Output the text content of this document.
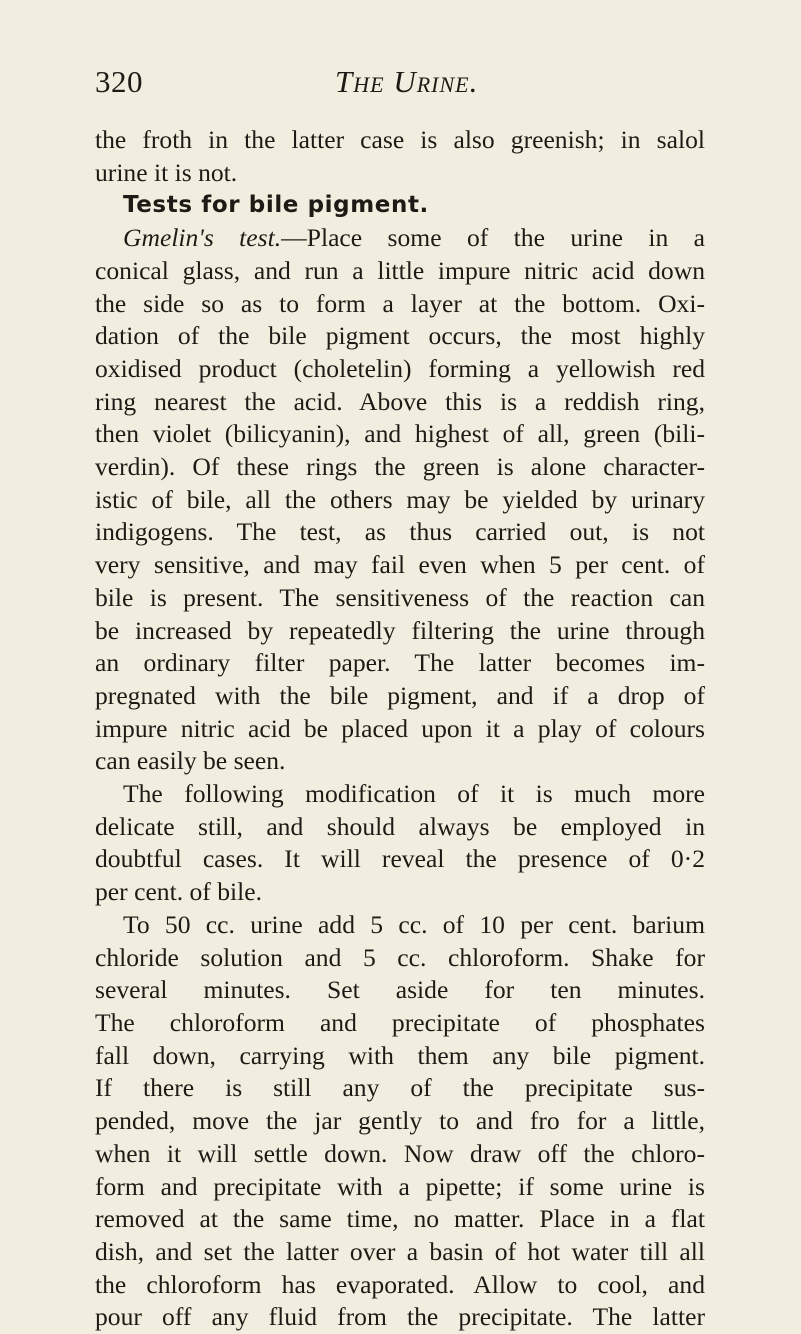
320	The Urine.
the froth in the latter case is also greenish; in salol
urine it is not.
Tests for bile pigment.
Gmelin's test.—Place some of the urine in a
conical glass, and run a little impure nitric acid down
the side so as to form a layer at the bottom. Oxi-
dation of the bile pigment occurs, the most highly
oxidised product (choletelin) forming a yellowish red
ring nearest the acid. Above this is a reddish ring,
then violet (bilicyanin), and highest of all, green (bili-
verdin). Of these rings the green is alone character-
istic of bile, all the others may be yielded by urinary
indigogens. The test, as thus carried out, is not
very sensitive, and may fail even when 5 per cent. of
bile is present. The sensitiveness of the reaction can
be increased by repeatedly filtering the urine through
an ordinary filter paper. The latter becomes im-
pregnated with the bile pigment, and if a drop of
impure nitric acid be placed upon it a play of colours
can easily be seen.
The following modification of it is much more
delicate still, and should always be employed in
doubtful cases. It will reveal the presence of 0·2
per cent. of bile.
To 50 cc. urine add 5 cc. of 10 per cent. barium
chloride solution and 5 cc. chloroform. Shake for
several minutes. Set aside for ten minutes.
The chloroform and precipitate of phosphates
fall down, carrying with them any bile pigment.
If there is still any of the precipitate sus-
pended, move the jar gently to and fro for a little,
when it will settle down. Now draw off the chloro-
form and precipitate with a pipette; if some urine is
removed at the same time, no matter. Place in a flat
dish, and set the latter over a basin of hot water till all
the chloroform has evaporated. Allow to cool, and
pour off any fluid from the precipitate. The latter
